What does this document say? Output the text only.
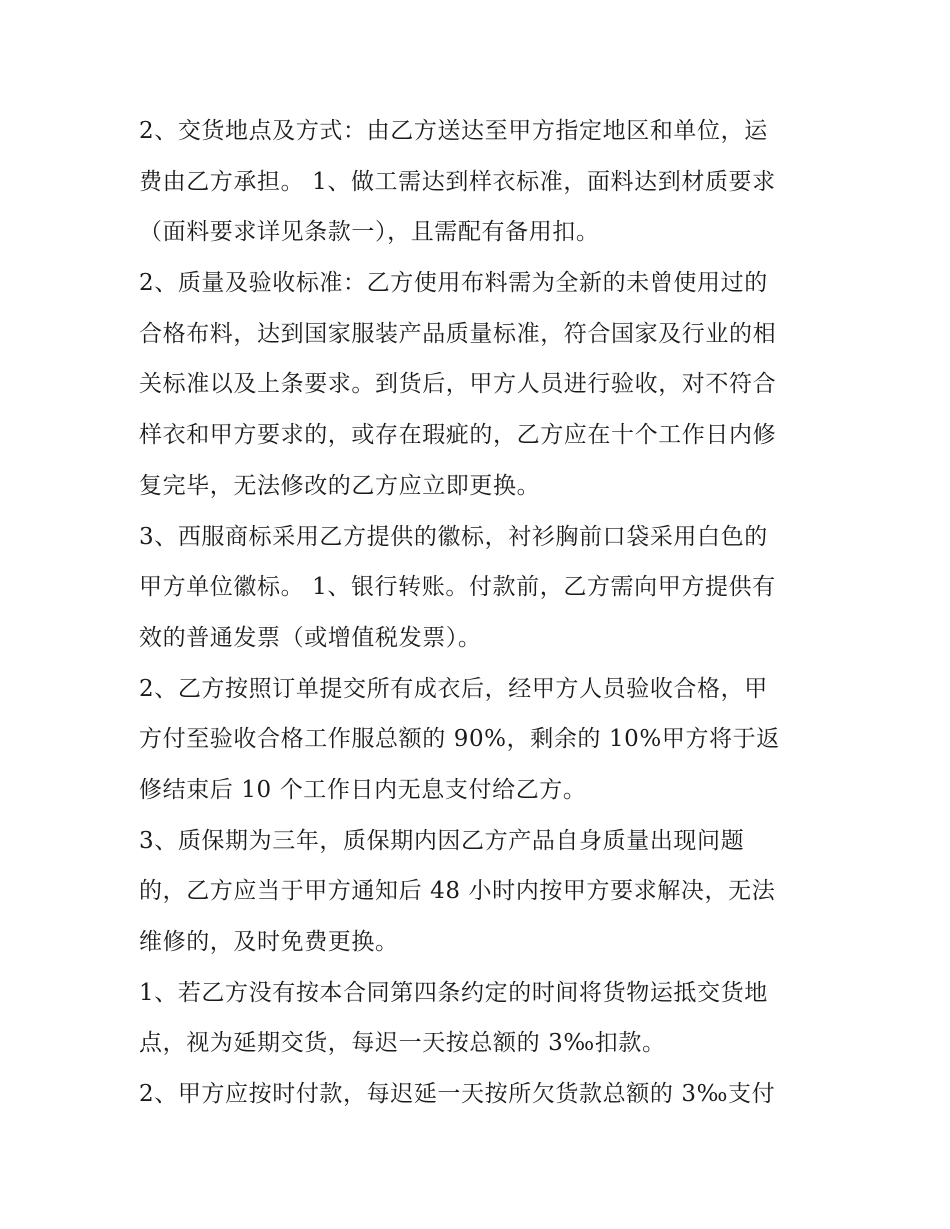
2、交货地点及方式：由乙方送达至甲方指定地区和单位，运
费由乙方承担。 1、做工需达到样衣标准，面料达到材质要求
（面料要求详见条款一），且需配有备用扣。
2、质量及验收标准：乙方使用布料需为全新的未曾使用过的
合格布料，达到国家服装产品质量标准，符合国家及行业的相
关标准以及上条要求。到货后，甲方人员进行验收，对不符合
样衣和甲方要求的，或存在瑕疵的，乙方应在十个工作日内修
复完毕，无法修改的乙方应立即更换。
3、西服商标采用乙方提供的徽标，衬衫胸前口袋采用白色的
甲方单位徽标。 1、银行转账。付款前，乙方需向甲方提供有
效的普通发票（或增值税发票）。
2、乙方按照订单提交所有成衣后，经甲方人员验收合格，甲
方付至验收合格工作服总额的 90%，剩余的 10%甲方将于返
修结束后 10 个工作日内无息支付给乙方。
3、质保期为三年，质保期内因乙方产品自身质量出现问题
的，乙方应当于甲方通知后 48 小时内按甲方要求解决，无法
维修的，及时免费更换。
1、若乙方没有按本合同第四条约定的时间将货物运抵交货地
点，视为延期交货，每迟一天按总额的 3‰扣款。
2、甲方应按时付款，每迟延一天按所欠货款总额的 3‰支付
